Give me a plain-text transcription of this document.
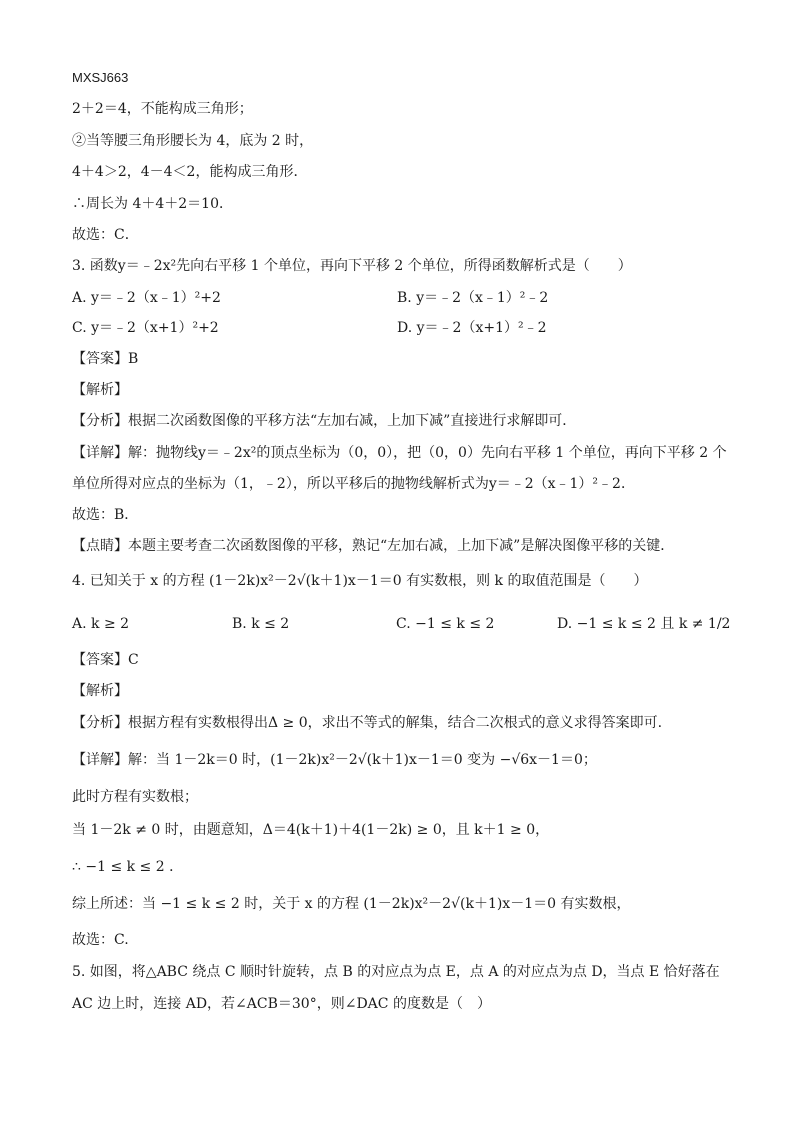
MXSJ663
2＋2＝4，不能构成三角形；
②当等腰三角形腰长为 4，底为 2 时，
4＋4＞2，4－4＜2，能构成三角形．
∴周长为 4＋4＋2＝10．
故选：C．
3. 函数y＝﹣2x²先向右平移 1 个单位，再向下平移 2 个单位，所得函数解析式是（　　）
A. y＝﹣2（x﹣1）²+2	B. y＝﹣2（x﹣1）²﹣2
C. y＝﹣2（x+1）²+2	D. y＝﹣2（x+1）²﹣2
【答案】B
【解析】
【分析】根据二次函数图像的平移方法“左加右减，上加下减”直接进行求解即可．
【详解】解：抛物线y＝﹣2x²的顶点坐标为（0，0），把（0，0）先向右平移 1 个单位，再向下平移 2 个
单位所得对应点的坐标为（1，﹣2），所以平移后的抛物线解析式为y＝﹣2（x﹣1）²﹣2．
故选：B．
【点睛】本题主要考查二次函数图像的平移，熟记“左加右减，上加下减”是解决图像平移的关键．
4. 已知关于 x 的方程 (1－2k)x²－2√(k＋1)x－1＝0 有实数根，则 k 的取值范围是（　　）
A. k ≥ 2	B. k ≤ 2	C. −1 ≤ k ≤ 2	D. −1 ≤ k ≤ 2 且 k ≠ 1/2
【答案】C
【解析】
【分析】根据方程有实数根得出Δ ≥ 0，求出不等式的解集，结合二次根式的意义求得答案即可.
【详解】解：当 1－2k＝0 时，(1－2k)x²－2√(k＋1)x－1＝0 变为 −√6x－1＝0；
此时方程有实数根；
当 1－2k ≠ 0 时，由题意知，Δ＝4(k＋1)＋4(1－2k) ≥ 0，且 k＋1 ≥ 0，
∴ −1 ≤ k ≤ 2 ．
综上所述：当 −1 ≤ k ≤ 2 时，关于 x 的方程 (1－2k)x²－2√(k＋1)x－1＝0 有实数根，
故选：C.
5. 如图，将△ABC 绕点 C 顺时针旋转，点 B 的对应点为点 E，点 A 的对应点为点 D，当点 E 恰好落在
AC 边上时，连接 AD，若∠ACB＝30°，则∠DAC 的度数是（　）
